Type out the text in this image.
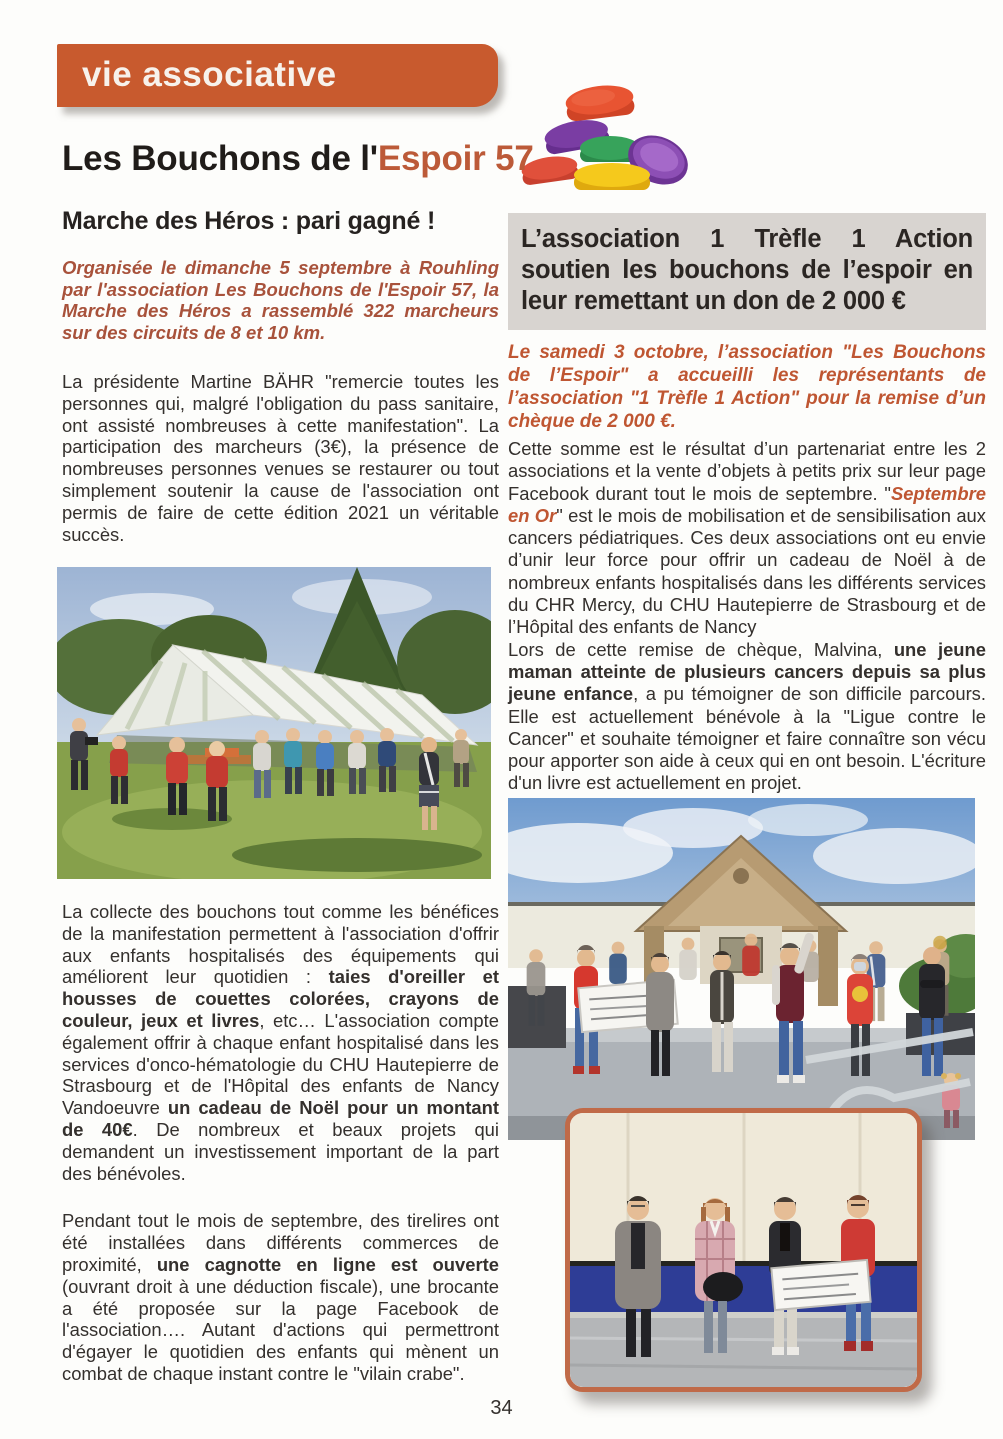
vie associative
Les Bouchons de l'Espoir 57
Marche des Héros : pari gagné !

Organisée le dimanche 5 septembre à Rouhling par l'association Les Bouchons de l'Espoir 57, la Marche des Héros a rassemblé 322 marcheurs sur des circuits de 8 et 10 km.

La présidente Martine BÄHR "remercie toutes les personnes qui, malgré l'obligation du pass sanitaire, ont assisté nombreuses à cette manifestation". La participation des marcheurs (3€), la présence de nombreuses personnes venues se restaurer ou tout simplement soutenir la cause de l'association ont permis de faire de cette édition 2021 un véritable succès.

La collecte des bouchons tout comme les bénéfices de la manifestation permettent à l'association d'offrir aux enfants hospitalisés des équipements qui améliorent leur quotidien : taies d'oreiller et housses de couettes colorées, crayons de couleur, jeux et livres, etc… L'association compte également offrir à chaque enfant hospitalisé dans les services d'onco-hématologie du CHU Hautepierre de Strasbourg et de l'Hôpital des enfants de Nancy Vandoeuvre un cadeau de Noël pour un montant de 40€. De nombreux et beaux projets qui demandent un investissement important de la part des bénévoles.

Pendant tout le mois de septembre, des tirelires ont été installées dans différents commerces de proximité, une cagnotte en ligne est ouverte (ouvrant droit à une déduction fiscale), une brocante a été proposée sur la page Facebook de l'association…. Autant d'actions qui permettront d'égayer le quotidien des enfants qui mènent un combat de chaque instant contre le "vilain crabe".

L’association 1 Trèfle 1 Action soutien les bouchons de l’espoir en leur remettant un don de 2 000 €

Le samedi 3 octobre, l’association "Les Bouchons de l’Espoir" a accueilli les représentants de l’association "1 Trèfle 1 Action" pour la remise d’un chèque de 2 000 €.

Cette somme est le résultat d’un partenariat entre les 2 associations et la vente d’objets à petits prix sur leur page Facebook durant tout le mois de septembre. "Septembre en Or" est le mois de mobilisation et de sensibilisation aux cancers pédiatriques. Ces deux associations ont eu envie d’unir leur force pour offrir un cadeau de Noël à de nombreux enfants hospitalisés dans les différents services du CHR Mercy, du CHU Hautepierre de Strasbourg et de l’Hôpital des enfants de Nancy

Lors de cette remise de chèque, Malvina, une jeune maman atteinte de plusieurs cancers depuis sa plus jeune enfance, a pu témoigner de son difficile parcours. Elle est actuellement bénévole à la "Ligue contre le Cancer" et souhaite témoigner et faire connaître son vécu pour apporter son aide à ceux qui en ont besoin. L'écriture d'un livre est actuellement en projet.

34
